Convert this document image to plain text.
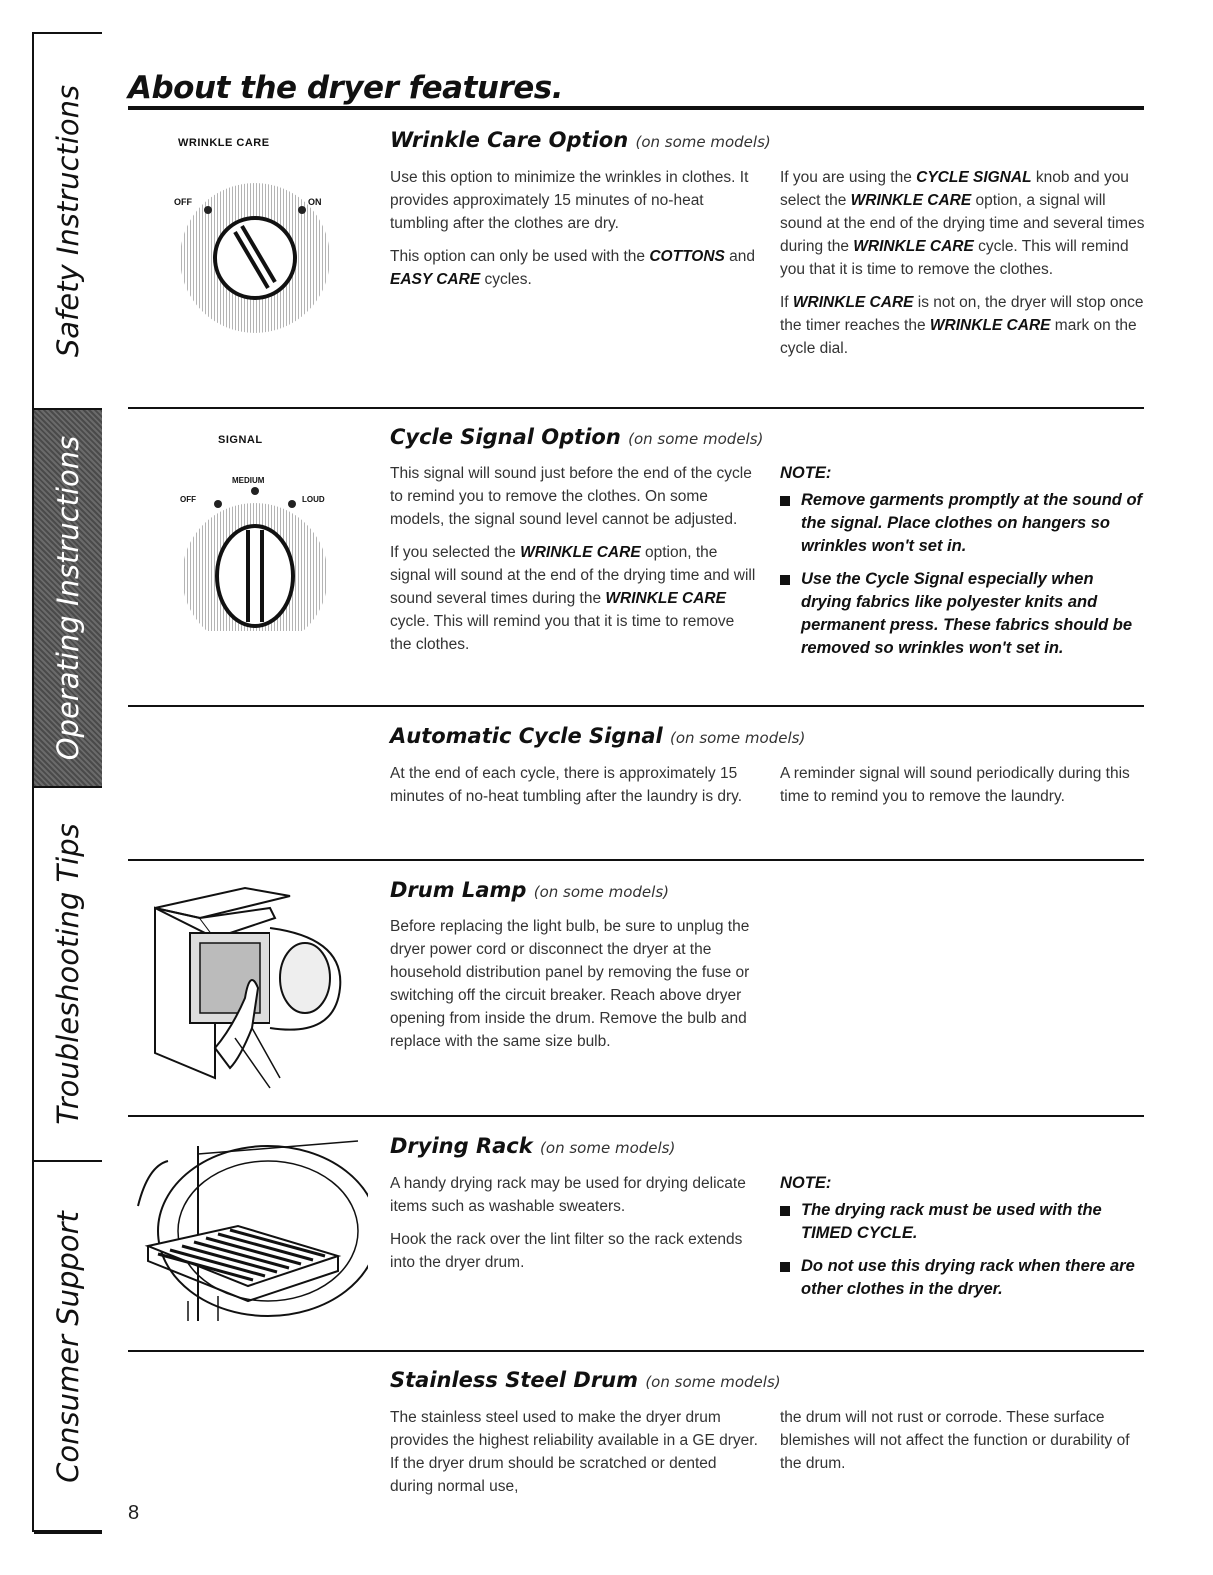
Safety Instructions
Operating Instructions
Troubleshooting Tips
Consumer Support
About the dryer features.
WRINKLE CARE
OFF	ON
Wrinkle Care Option (on some models)

Use this option to minimize the wrinkles in clothes. It provides approximately 15 minutes of no-heat tumbling after the clothes are dry.

This option can only be used with the COTTONS and EASY CARE cycles.

If you are using the CYCLE SIGNAL knob and you select the WRINKLE CARE option, a signal will sound at the end of the drying time and several times during the WRINKLE CARE cycle. This will remind you that it is time to remove the clothes.

If WRINKLE CARE is not on, the dryer will stop once the timer reaches the WRINKLE CARE mark on the cycle dial.

SIGNAL
MEDIUM
OFF	LOUD
Cycle Signal Option (on some models)

This signal will sound just before the end of the cycle to remind you to remove the clothes. On some models, the signal sound level cannot be adjusted.

If you selected the WRINKLE CARE option, the signal will sound at the end of the drying time and will sound several times during the WRINKLE CARE cycle. This will remind you that it is time to remove the clothes.

NOTE:
Remove garments promptly at the sound of the signal. Place clothes on hangers so wrinkles won't set in.
Use the Cycle Signal especially when drying fabrics like polyester knits and permanent press. These fabrics should be removed so wrinkles won't set in.
Automatic Cycle Signal (on some models)

At the end of each cycle, there is approximately 15 minutes of no-heat tumbling after the laundry is dry.

A reminder signal will sound periodically during this time to remind you to remove the laundry.

Drum Lamp (on some models)

Before replacing the light bulb, be sure to unplug the dryer power cord or disconnect the dryer at the household distribution panel by removing the fuse or switching off the circuit breaker. Reach above dryer opening from inside the drum. Remove the bulb and replace with the same size bulb.

Drying Rack (on some models)

A handy drying rack may be used for drying delicate items such as washable sweaters.

Hook the rack over the lint filter so the rack extends into the dryer drum.

NOTE:
The drying rack must be used with the TIMED CYCLE.
Do not use this drying rack when there are other clothes in the dryer.
Stainless Steel Drum (on some models)

The stainless steel used to make the dryer drum provides the highest reliability available in a GE dryer. If the dryer drum should be scratched or dented during normal use,

the drum will not rust or corrode. These surface blemishes will not affect the function or durability of the drum.

8
